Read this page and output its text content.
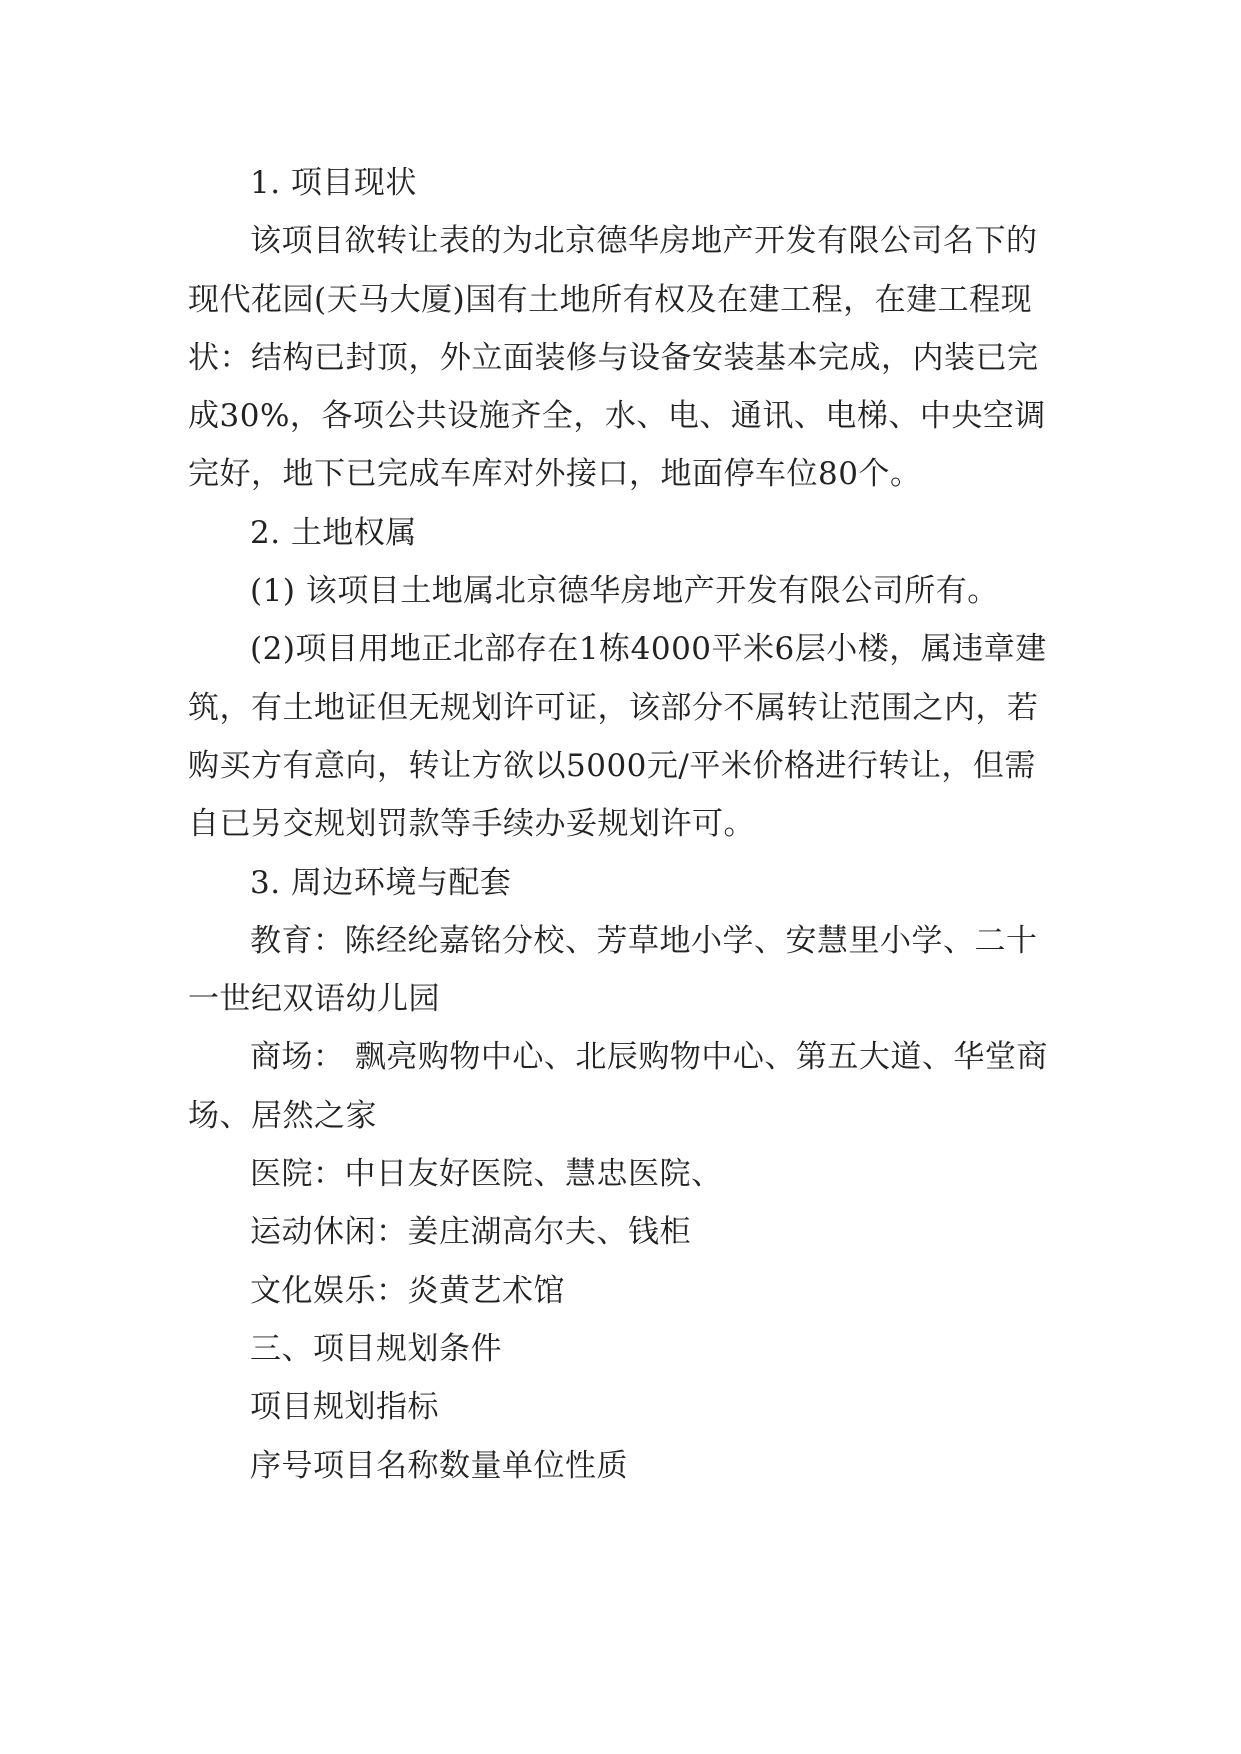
1. 项目现状

该项目欲转让表的为北京德华房地产开发有限公司名下的现代花园(天马大厦)国有土地所有权及在建工程，在建工程现状：结构已封顶，外立面装修与设备安装基本完成，内装已完成30%，各项公共设施齐全，水、电、通讯、电梯、中央空调完好，地下已完成车库对外接口，地面停车位80个。

2. 土地权属

(1) 该项目土地属北京德华房地产开发有限公司所有。

(2)项目用地正北部存在1栋4000平米6层小楼，属违章建筑，有土地证但无规划许可证，该部分不属转让范围之内，若购买方有意向，转让方欲以5000元/平米价格进行转让，但需自已另交规划罚款等手续办妥规划许可。

3. 周边环境与配套

教育：陈经纶嘉铭分校、芳草地小学、安慧里小学、二十一世纪双语幼儿园

商场： 飘亮购物中心、北辰购物中心、第五大道、华堂商场、居然之家

医院：中日友好医院、慧忠医院、

运动休闲：姜庄湖高尔夫、钱柜

文化娱乐：炎黄艺术馆

三、项目规划条件

项目规划指标

序号项目名称数量单位性质
